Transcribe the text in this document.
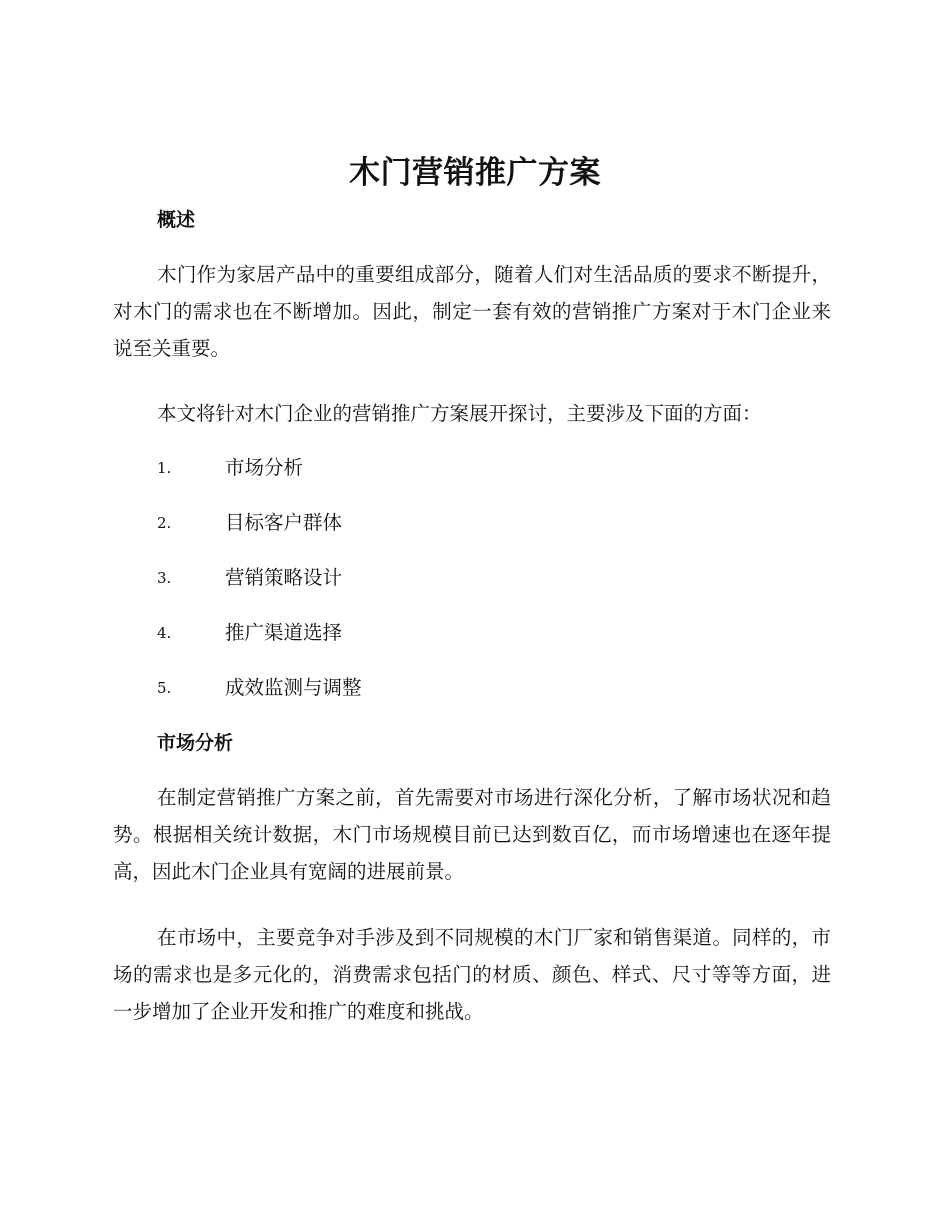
木门营销推广方案
概述

木门作为家居产品中的重要组成部分，随着人们对生活品质的要求不断提升，对木门的需求也在不断增加。因此，制定一套有效的营销推广方案对于木门企业来说至关重要。

本文将针对木门企业的营销推广方案展开探讨，主要涉及下面的方面：

1.	市场分析
2.	目标客户群体
3.	营销策略设计
4.	推广渠道选择
5.	成效监测与调整
市场分析

在制定营销推广方案之前，首先需要对市场进行深化分析，了解市场状况和趋势。根据相关统计数据，木门市场规模目前已达到数百亿，而市场增速也在逐年提高，因此木门企业具有宽阔的进展前景。

在市场中，主要竞争对手涉及到不同规模的木门厂家和销售渠道。同样的，市场的需求也是多元化的，消费需求包括门的材质、颜色、样式、尺寸等等方面，进一步增加了企业开发和推广的难度和挑战。
